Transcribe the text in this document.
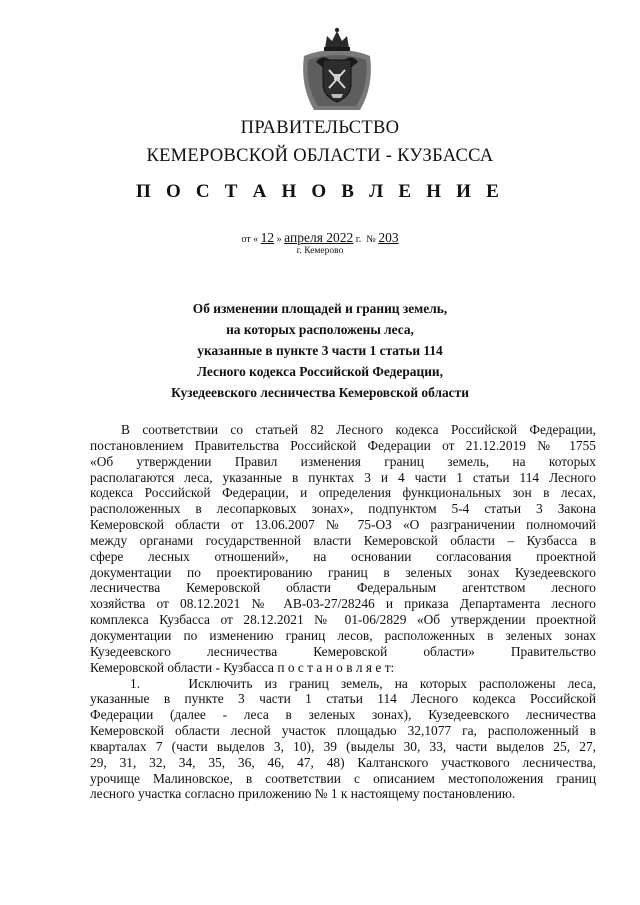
ПРАВИТЕЛЬСТВО
КЕМЕРОВСКОЙ ОБЛАСТИ - КУЗБАССА
П О С Т А Н О В Л Е Н И Е
от « 12 » апреля 2022 г. № 203
г. Кемерово
Об изменении площадей и границ земель,
на которых расположены леса,
указанные в пункте 3 части 1 статьи 114
Лесного кодекса Российской Федерации,
Кузедеевского лесничества Кемеровской области
В соответствии со статьей 82 Лесного кодекса Российской Федерации,
постановлением Правительства Российской Федерации от 21.12.2019 № 1755
«Об утверждении Правил изменения границ земель, на которых
располагаются леса, указанные в пунктах 3 и 4 части 1 статьи 114 Лесного
кодекса Российской Федерации, и определения функциональных зон в лесах,
расположенных в лесопарковых зонах», подпунктом 5-4 статьи 3 Закона
Кемеровской области от 13.06.2007 № 75-ОЗ «О разграничении полномочий
между органами государственной власти Кемеровской области – Кузбасса в
сфере лесных отношений», на основании согласования проектной
документации по проектированию границ в зеленых зонах Кузедеевского
лесничества Кемеровской области Федеральным агентством лесного
хозяйства от 08.12.2021 № АВ-03-27/28246 и приказа Департамента лесного
комплекса Кузбасса от 28.12.2021 № 01-06/2829 «Об утверждении проектной
документации по изменению границ лесов, расположенных в зеленых зонах
Кузедеевского лесничества Кемеровской области» Правительство
Кемеровской области - Кузбасса п о с т а н о в л я е т:
1.    Исключить из границ земель, на которых расположены леса,
указанные в пункте 3 части 1 статьи 114 Лесного кодекса Российской
Федерации (далее - леса в зеленых зонах), Кузедеевского лесничества
Кемеровской области лесной участок площадью 32,1077 га, расположенный в
кварталах 7 (части выделов 3, 10), 39 (выделы 30, 33, части выделов 25, 27,
29, 31, 32, 34, 35, 36, 46, 47, 48) Калтанского участкового лесничества,
урочище Малиновское, в соответствии с описанием местоположения границ
лесного участка согласно приложению № 1 к настоящему постановлению.
